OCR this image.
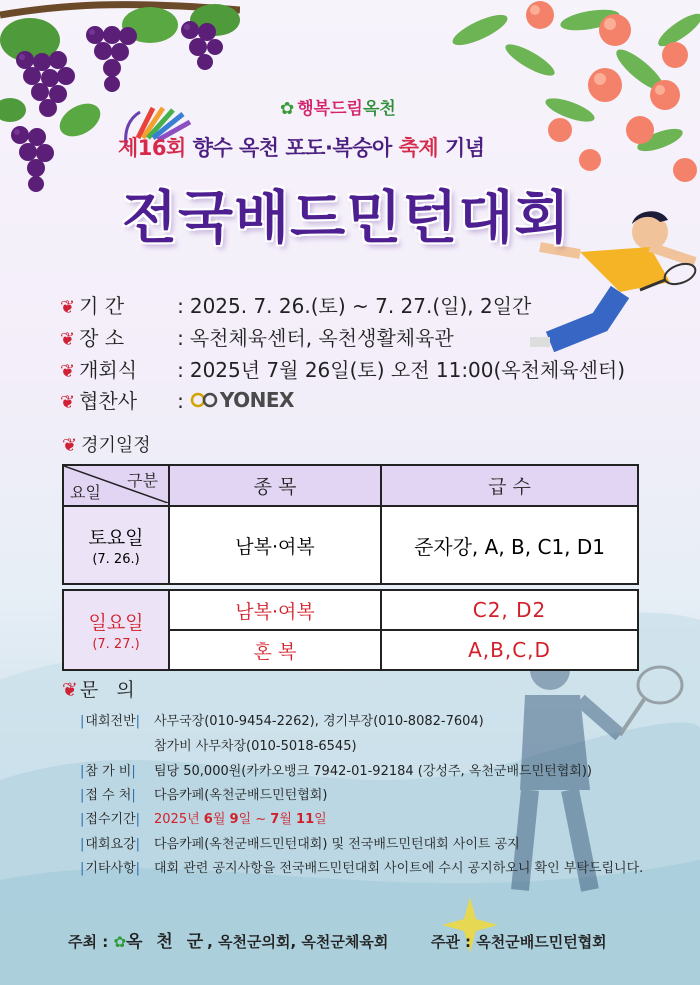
✿ 행복드림옥천
제16회 향수 옥천 포도·복숭아 축제 기념
전국배드민턴대회
❦ 기 간	: 2025. 7. 26.(토) ~ 7. 27.(일), 2일간
❦ 장 소	: 옥천체육센터, 옥천생활체육관
❦ 개회식 : 2025년 7월 26일(토) 오전 11:00(옥천체육센터)
❦ 협찬사 : YONEX
❦ 경기일정
구분
요일	종 목	급 수

토요일
(7. 26.)	남복·여복	준자강, A, B, C1, D1

일요일
(7. 27.)	남복·여복	C2, D2
	혼 복	A,B,C,D
❦ 문 의
|대회전반| 사무국장(010-9454-2262), 경기부장(010-8082-7604)
참가비 사무차장(010-5018-6545)
|참 가 비| 팀당 50,000원(카카오뱅크 7942-01-92184 (강성주, 옥천군배드민턴협회))
|접 수 처| 다음카페(옥천군배드민턴협회)
|접수기간| 2025년 6월 9일 ~ 7월 11일
|대회요강| 다음카페(옥천군배드민턴대회) 및 전국배드민턴대회 사이트 공지
|기타사항| 대회 관련 공지사항을 전국배드민턴대회 사이트에 수시 공지하오니 확인 부탁드립니다.
주최 : ✿옥 천 군, 옥천군의회, 옥천군체육회	주관 : 옥천군배드민턴협회
